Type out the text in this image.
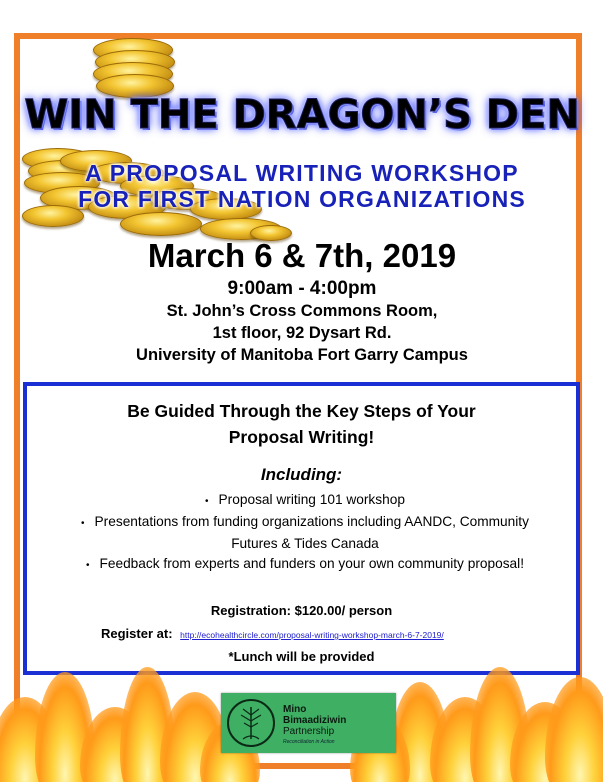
WIN THE DRAGON’S DEN
A PROPOSAL WRITING WORKSHOP
FOR FIRST NATION ORGANIZATIONS
March 6 & 7th, 2019
9:00am - 4:00pm
St. John’s Cross Commons Room,
1st floor, 92 Dysart Rd.
University of Manitoba Fort Garry Campus
Be Guided Through the Key Steps of Your
Proposal Writing!
Including:
• Proposal writing 101 workshop
• Presentations from funding organizations including AANDC, Community
Futures & Tides Canada
• Feedback from experts and funders on your own community proposal!
Registration: $120.00/ person
Register at: http://ecohealthcircle.com/proposal-writing-workshop-march-6-7-2019/
*Lunch will be provided
Mino
Bimaadiziwin
Partnership
Reconciliation in Action
